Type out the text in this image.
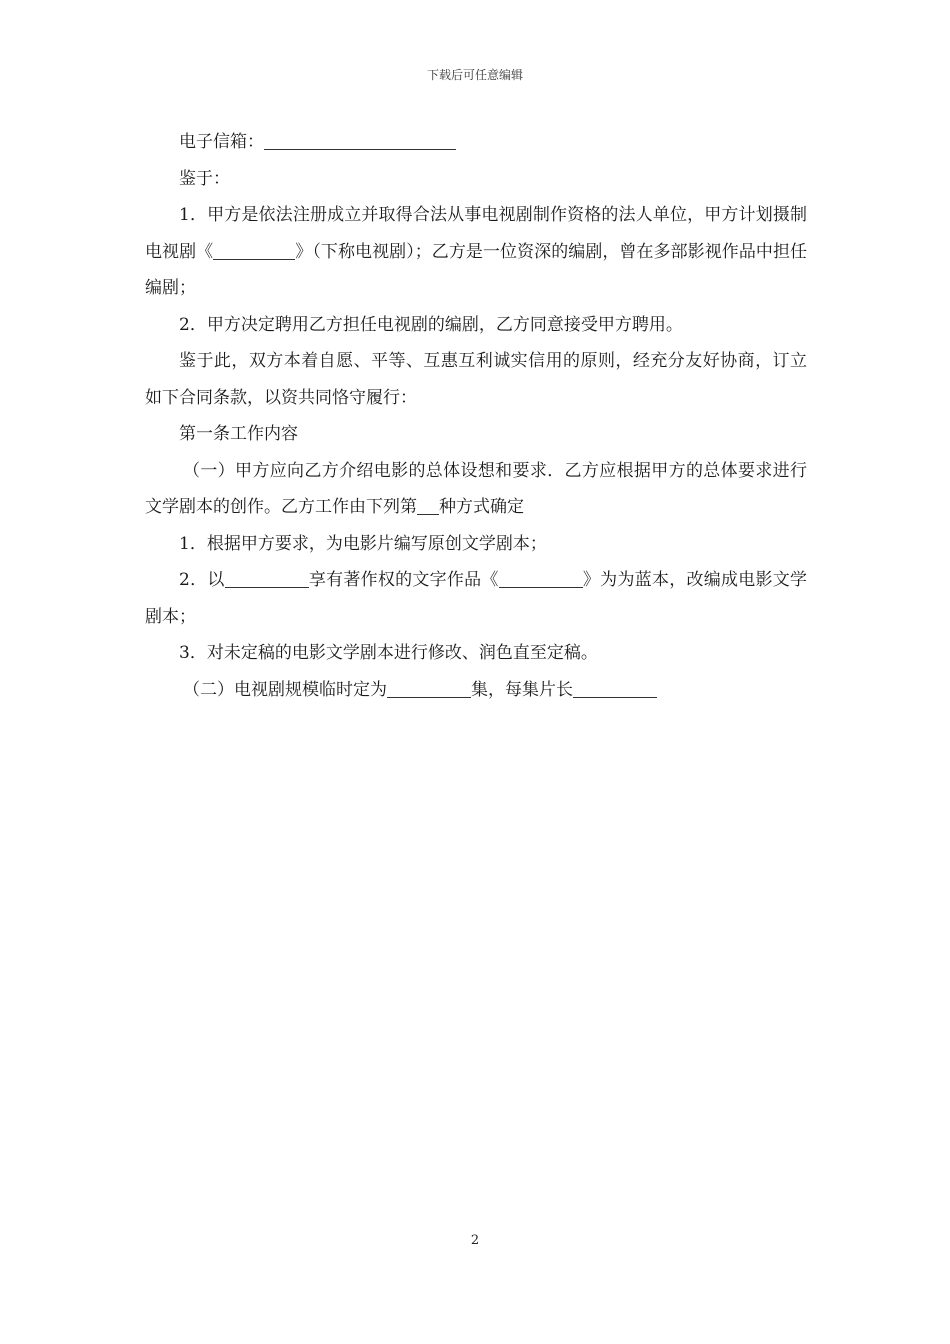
下载后可任意编辑

电子信箱：

鉴于：

1．甲方是依法注册成立并取得合法从事电视剧制作资格的法人单位，甲方计划摄制电视剧《	》（下称电视剧）；乙方是一位资深的编剧，曾在多部影视作品中担任编剧；

2．甲方决定聘用乙方担任电视剧的编剧，乙方同意接受甲方聘用。

鉴于此，双方本着自愿、平等、互惠互利诚实信用的原则，经充分友好协商，订立如下合同条款，以资共同恪守履行：

第一条工作内容

（一）甲方应向乙方介绍电影的总体设想和要求．乙方应根据甲方的总体要求进行文学剧本的创作。乙方工作由下列第 种方式确定

1．根据甲方要求，为电影片编写原创文学剧本；

2．以	享有著作权的文字作品《	》为为蓝本，改编成电影文学剧本；

3．对未定稿的电影文学剧本进行修改、润色直至定稿。

（二）电视剧规模临时定为	集，每集片长

2
